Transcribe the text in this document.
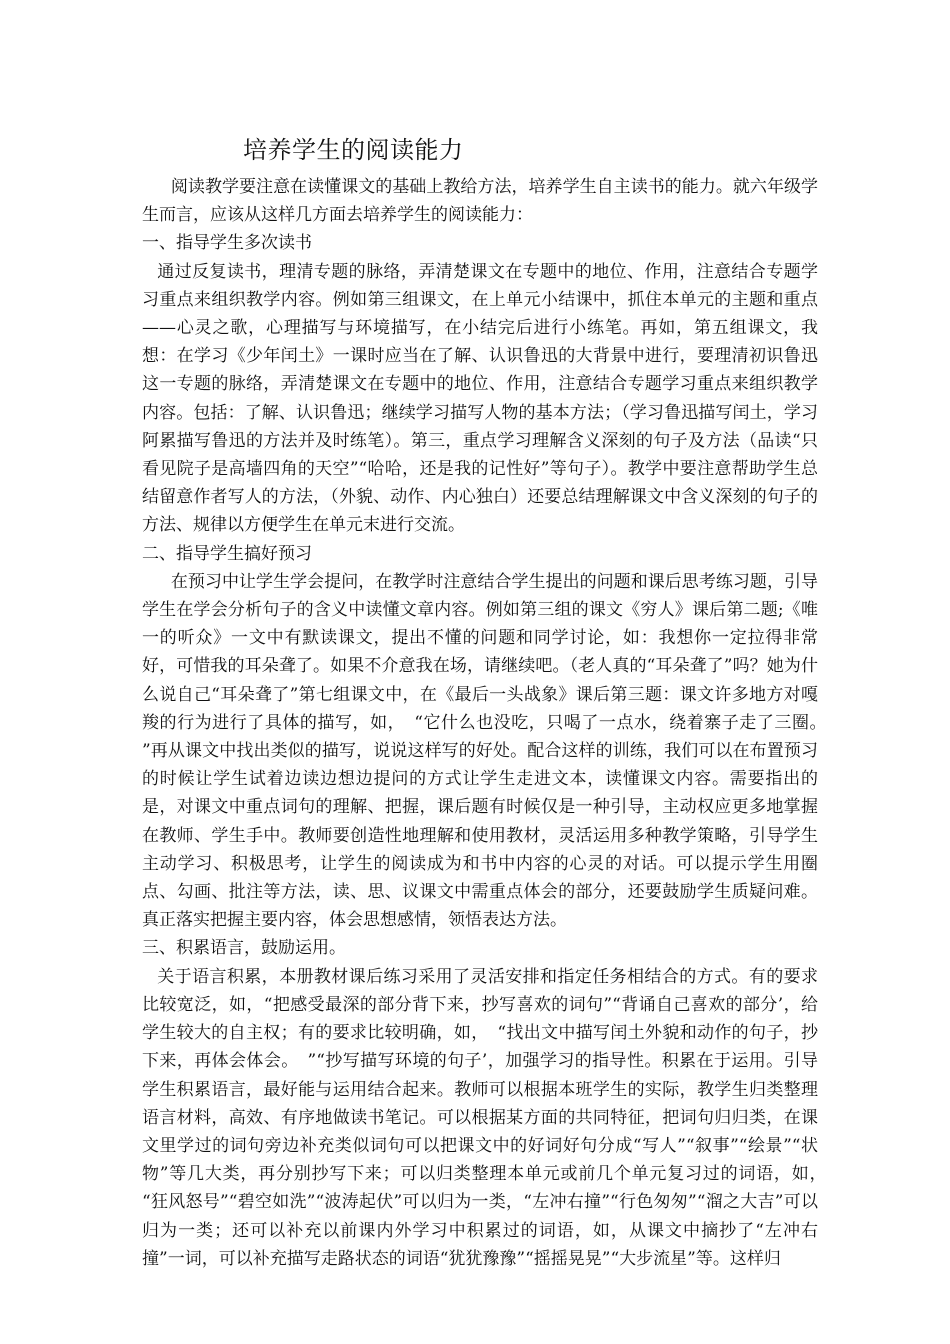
培养学生的阅读能力

阅读教学要注意在读懂课文的基础上教给方法，培养学生自主读书的能力。就六年级学生而言，应该从这样几方面去培养学生的阅读能力：

一、指导学生多次读书

通过反复读书，理清专题的脉络，弄清楚课文在专题中的地位、作用，注意结合专题学习重点来组织教学内容。例如第三组课文，在上单元小结课中，抓住本单元的主题和重点——心灵之歌，心理描写与环境描写，在小结完后进行小练笔。再如，第五组课文，我想：在学习《少年闰土》一课时应当在了解、认识鲁迅的大背景中进行，要理清初识鲁迅这一专题的脉络，弄清楚课文在专题中的地位、作用，注意结合专题学习重点来组织教学内容。包括：了解、认识鲁迅；继续学习描写人物的基本方法；（学习鲁迅描写闰土，学习阿累描写鲁迅的方法并及时练笔）。第三，重点学习理解含义深刻的句子及方法（品读“只看见院子是高墙四角的天空”“哈哈，还是我的记性好”等句子）。教学中要注意帮助学生总结留意作者写人的方法，（外貌、动作、内心独白）还要总结理解课文中含义深刻的句子的方法、规律以方便学生在单元末进行交流。

二、指导学生搞好预习

在预习中让学生学会提问，在教学时注意结合学生提出的问题和课后思考练习题，引导学生在学会分析句子的含义中读懂文章内容。例如第三组的课文《穷人》课后第二题;《唯一的听众》一文中有默读课文，提出不懂的问题和同学讨论，如：我想你一定拉得非常好，可惜我的耳朵聋了。如果不介意我在场，请继续吧。（老人真的“耳朵聋了”吗？她为什么说自己“耳朵聋了”第七组课文中，在《最后一头战象》课后第三题：课文许多地方对嘎羧的行为进行了具体的描写，如，　“它什么也没吃，只喝了一点水，绕着寨子走了三圈。　”再从课文中找出类似的描写，说说这样写的好处。配合这样的训练，我们可以在布置预习的时候让学生试着边读边想边提问的方式让学生走进文本，读懂课文内容。需要指出的是，对课文中重点词句的理解、把握，课后题有时候仅是一种引导，主动权应更多地掌握在教师、学生手中。教师要创造性地理解和使用教材，灵活运用多种教学策略，引导学生主动学习、积极思考，让学生的阅读成为和书中内容的心灵的对话。可以提示学生用圈点、勾画、批注等方法，读、思、议课文中需重点体会的部分，还要鼓励学生质疑问难。真正落实把握主要内容，体会思想感情，领悟表达方法。

三、积累语言，鼓励运用。

关于语言积累，本册教材课后练习采用了灵活安排和指定任务相结合的方式。有的要求比较宽泛，如，“把感受最深的部分背下来，抄写喜欢的词句”“背诵自己喜欢的部分’，给学生较大的自主权；有的要求比较明确，如，　“找出文中描写闰土外貌和动作的句子，抄下来，再体会体会。　”“抄写描写环境的句子’，加强学习的指导性。积累在于运用。引导学生积累语言，最好能与运用结合起来。教师可以根据本班学生的实际，教学生归类整理语言材料，高效、有序地做读书笔记。可以根据某方面的共同特征，把词句归归类，在课文里学过的词句旁边补充类似词句可以把课文中的好词好句分成“写人”“叙事”“绘景”“状物”等几大类，再分别抄写下来；可以归类整理本单元或前几个单元复习过的词语，如，　“狂风怒号”“碧空如洗”“波涛起伏”可以归为一类，“左冲右撞”“行色匆匆”“溜之大吉”可以归为一类；还可以补充以前课内外学习中积累过的词语，如，从课文中摘抄了“左冲右撞”一词，可以补充描写走路状态的词语“犹犹豫豫”“摇摇晃晃”“大步流星”等。这样归
